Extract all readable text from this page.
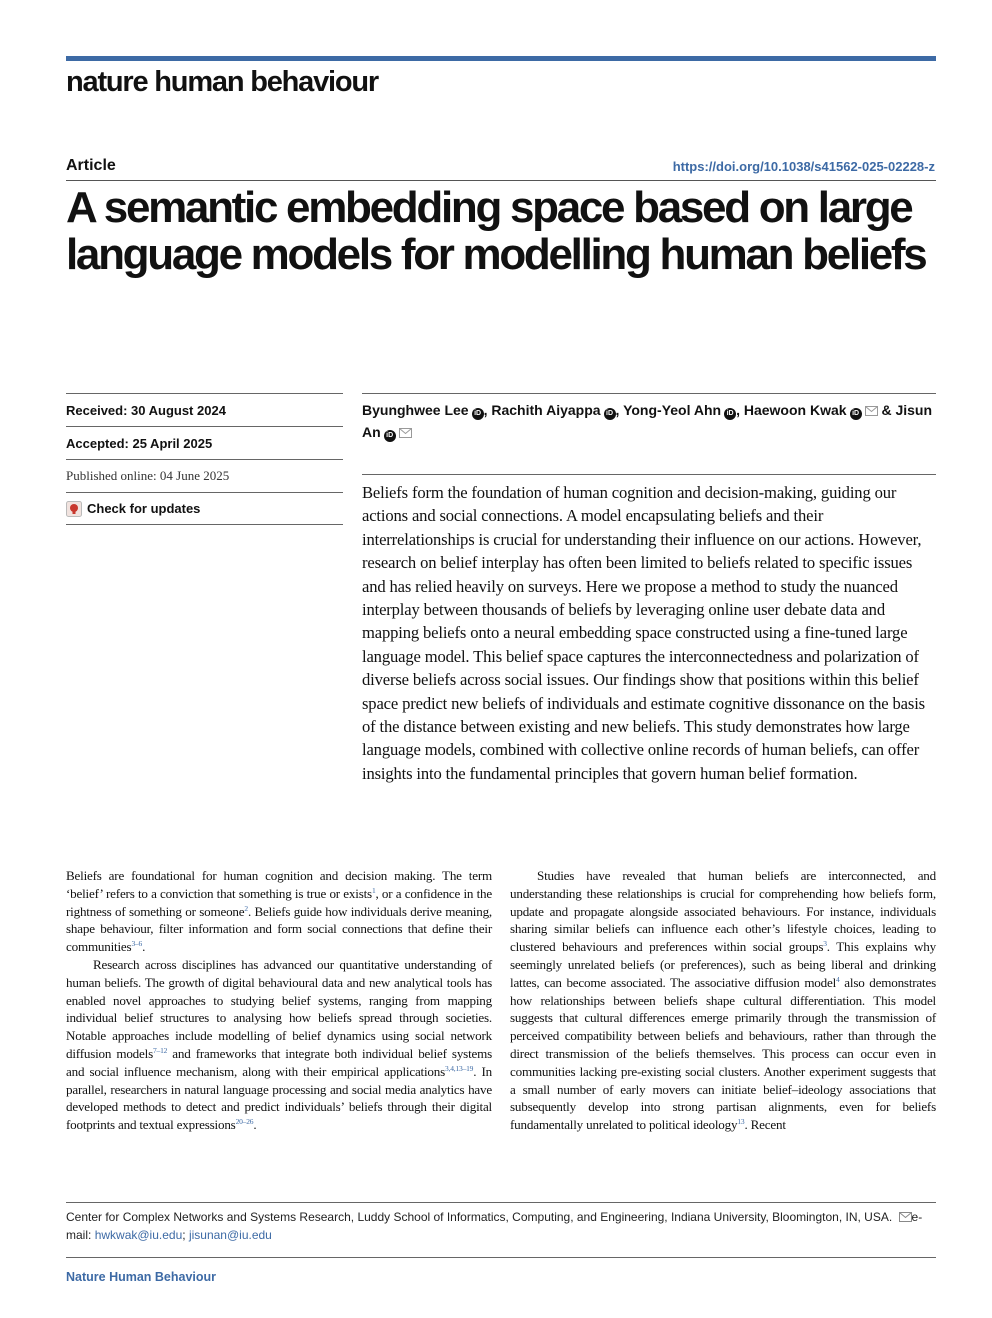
nature human behaviour
Article	https://doi.org/10.1038/s41562-025-02228-z
A semantic embedding space based on large language models for modelling human beliefs
Received: 30 August 2024
Accepted: 25 April 2025
Published online: 04 June 2025
Check for updates
Byunghwee Lee iD , Rachith Aiyappa iD , Yong-Yeol Ahn iD , Haewoon Kwak iD & Jisun An iD

Beliefs form the foundation of human cognition and decision-making, guiding our actions and social connections. A model encapsulating beliefs and their interrelationships is crucial for understanding their influence on our actions. However, research on belief interplay has often been limited to beliefs related to specific issues and has relied heavily on surveys. Here we propose a method to study the nuanced interplay between thousands of beliefs by leveraging online user debate data and mapping beliefs onto a neural embedding space constructed using a fine-tuned large language model. This belief space captures the interconnectedness and polarization of diverse beliefs across social issues. Our findings show that positions within this belief space predict new beliefs of individuals and estimate cognitive dissonance on the basis of the distance between existing and new beliefs. This study demonstrates how large language models, combined with collective online records of human beliefs, can offer insights into the fundamental principles that govern human belief formation.

Beliefs are foundational for human cognition and decision making. The term ‘belief’ refers to a conviction that something is true or exists$^1$, or a confidence in the rightness of something or someone$^2$. Beliefs guide how individuals derive meaning, shape behaviour, filter information and form social connections that define their communities$^{3-6}$.

Research across disciplines has advanced our quantitative understanding of human beliefs. The growth of digital behavioural data and new analytical tools has enabled novel approaches to studying belief systems, ranging from mapping individual belief structures to analysing how beliefs spread through societies. Notable approaches include modelling of belief dynamics using social network diffusion models$^{7-12}$ and frameworks that integrate both individual belief systems and social influence mechanism, along with their empirical applications$^{3,4,13-19}$. In parallel, researchers in natural language processing and social media analytics have developed methods to detect and predict individuals’ beliefs through their digital footprints and textual expressions$^{20-26}$.

Studies have revealed that human beliefs are interconnected, and understanding these relationships is crucial for comprehending how beliefs form, update and propagate alongside associated behaviours. For instance, individuals sharing similar beliefs can influence each other’s lifestyle choices, leading to clustered behaviours and preferences within social groups$^3$. This explains why seemingly unrelated beliefs (or preferences), such as being liberal and drinking lattes, can become associated. The associative diffusion model$^4$ also demonstrates how relationships between beliefs shape cultural differentiation. This model suggests that cultural differences emerge primarily through the transmission of perceived compatibility between beliefs and behaviours, rather than through the direct transmission of the beliefs themselves. This process can occur even in communities lacking pre-existing social clusters. Another experiment suggests that a small number of early movers can initiate belief–ideology associations that subsequently develop into strong partisan alignments, even for beliefs fundamentally unrelated to political ideology$^{13}$. Recent

Center for Complex Networks and Systems Research, Luddy School of Informatics, Computing, and Engineering, Indiana University, Bloomington, IN, USA. e-mail: hwkwak@iu.edu; jisunan@iu.edu
Nature Human Behaviour
